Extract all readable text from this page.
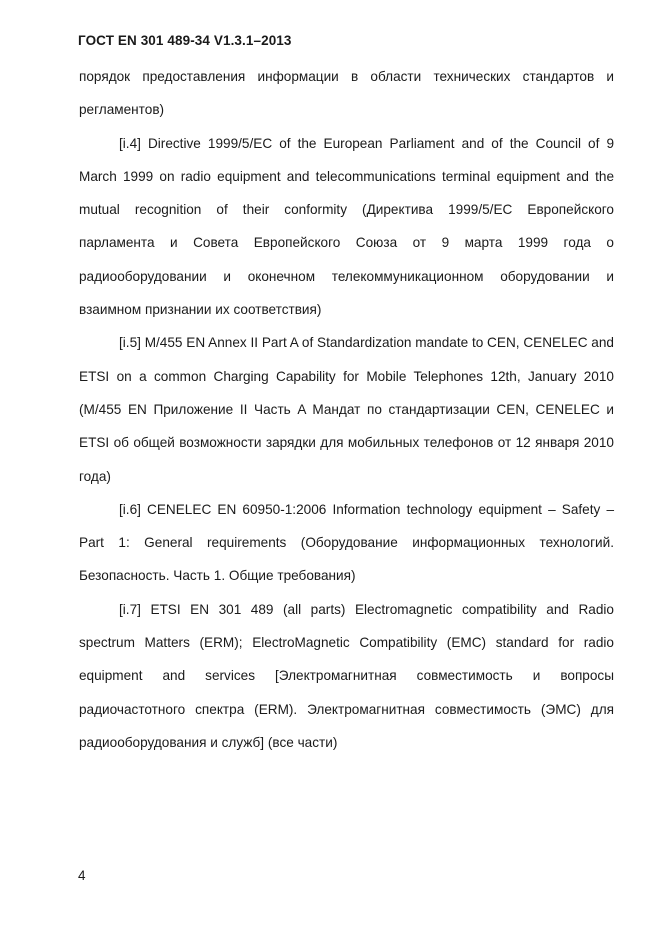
ГОСТ EN 301 489-34 V1.3.1–2013

порядок предоставления информации в области технических стандартов и регламентов)

[i.4] Directive 1999/5/EC of the European Parliament and of the Council of 9 March 1999 on radio equipment and telecommunications terminal equipment and the mutual recognition of their conformity (Директива 1999/5/EC Европейского парламента и Совета Европейского Союза от 9 марта 1999 года о радиооборудовании и оконечном телекоммуникационном оборудовании и взаимном признании их соответствия)

[i.5] M/455 EN Annex II Part A of Standardization mandate to CEN, CENELEC and ETSI on a common Charging Capability for Mobile Telephones 12th, January 2010 (M/455 EN Приложение II Часть A Мандат по стандартизации CEN, CENELEC и ETSI об общей возможности зарядки для мобильных телефонов от 12 января 2010 года)

[i.6] CENELEC EN 60950-1:2006 Information technology equipment – Safety – Part 1: General requirements (Оборудование информационных технологий. Безопасность. Часть 1. Общие требования)

[i.7] ETSI EN 301 489 (all parts) Electromagnetic compatibility and Radio spectrum Matters (ERM); ElectroMagnetic Compatibility (EMC) standard for radio equipment and services [Электромагнитная совместимость и вопросы радиочастотного спектра (ERM). Электромагнитная совместимость (ЭМС) для радиооборудования и служб] (все части)

4
